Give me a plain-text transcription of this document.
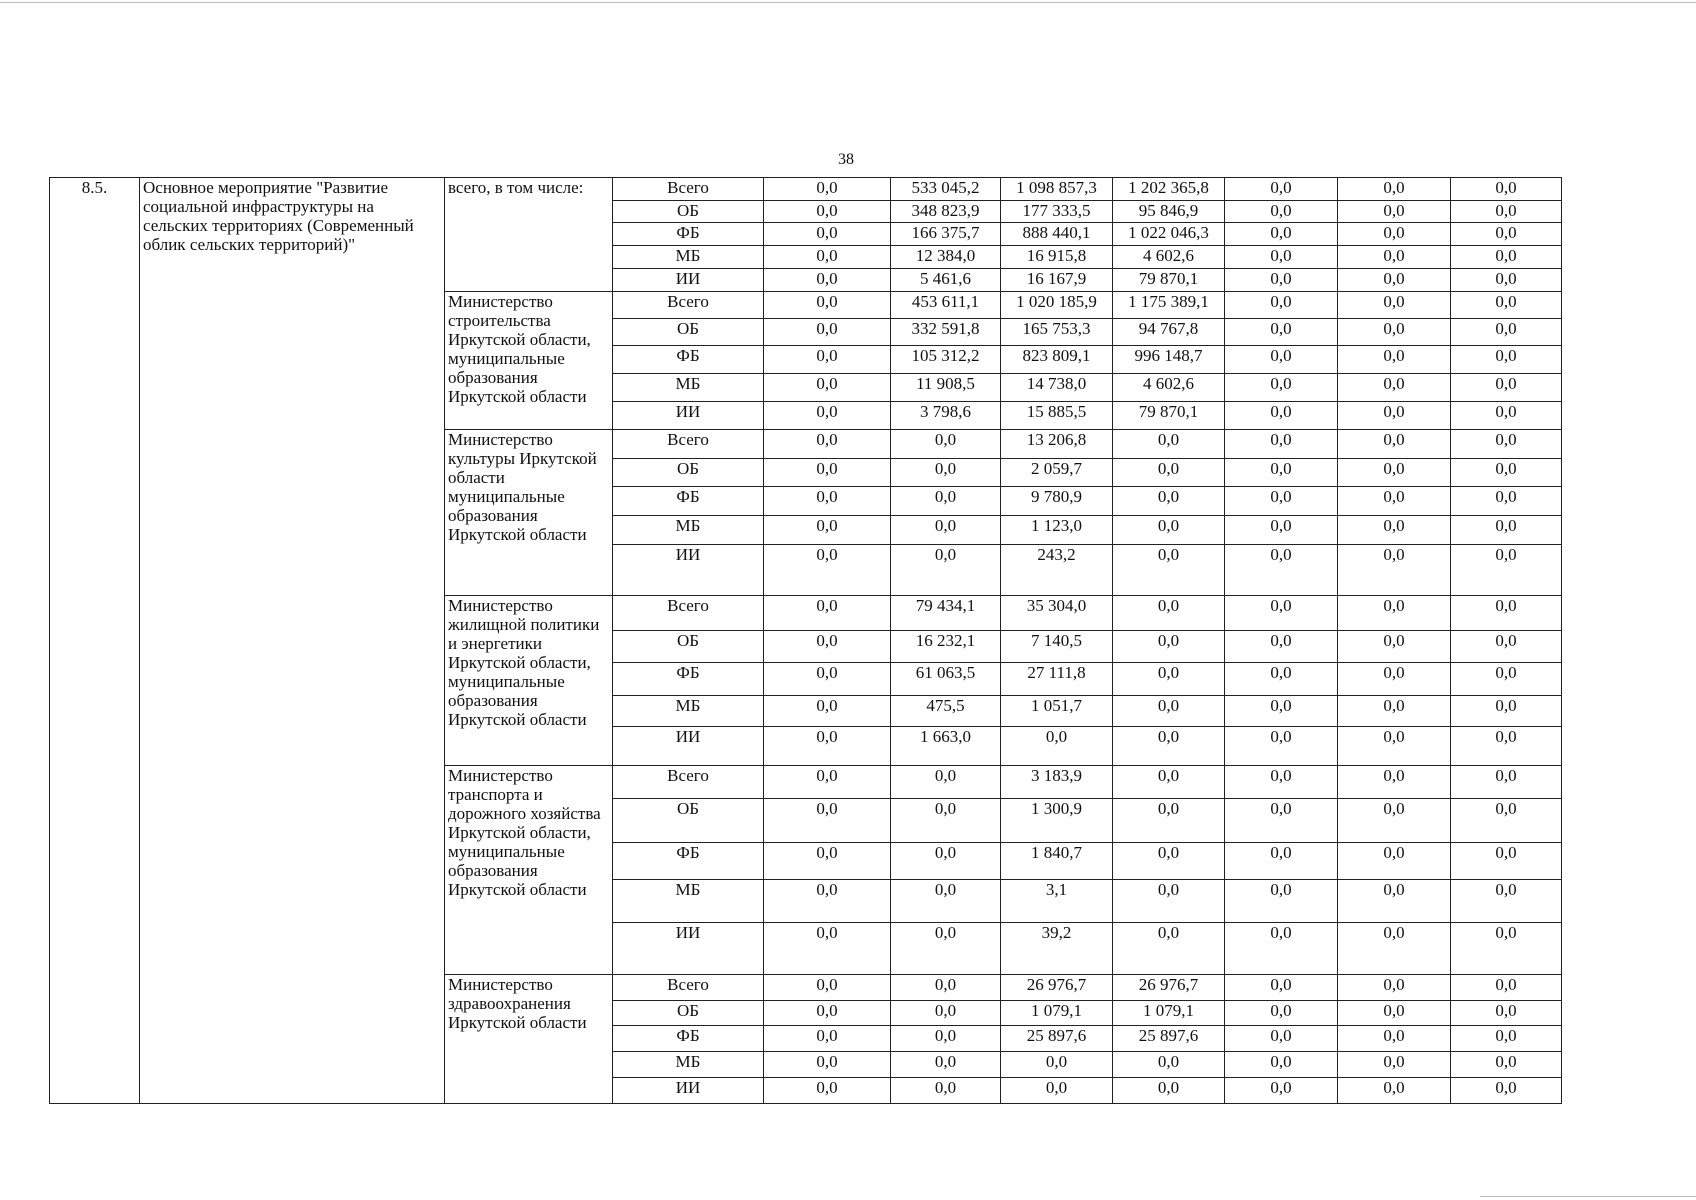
38
8.5.	Основное мероприятие "Развитие социальной инфраструктуры на сельских территориях (Современный облик сельских территорий)"	всего, в том числе:	Всего	0,0	533 045,2	1 098 857,3	1 202 365,8	0,0	0,0	0,0
			ОБ	0,0	348 823,9	177 333,5	95 846,9	0,0	0,0	0,0
			ФБ	0,0	166 375,7	888 440,1	1 022 046,3	0,0	0,0	0,0
			МБ	0,0	12 384,0	16 915,8	4 602,6	0,0	0,0	0,0
			ИИ	0,0	5 461,6	16 167,9	79 870,1	0,0	0,0	0,0
		Министерство строительства Иркутской области, муниципальные образования Иркутской области	Всего	0,0	453 611,1	1 020 185,9	1 175 389,1	0,0	0,0	0,0
			ОБ	0,0	332 591,8	165 753,3	94 767,8	0,0	0,0	0,0
			ФБ	0,0	105 312,2	823 809,1	996 148,7	0,0	0,0	0,0
			МБ	0,0	11 908,5	14 738,0	4 602,6	0,0	0,0	0,0
			ИИ	0,0	3 798,6	15 885,5	79 870,1	0,0	0,0	0,0
		Министерство культуры Иркутской области муниципальные образования Иркутской области	Всего	0,0	0,0	13 206,8	0,0	0,0	0,0	0,0
			ОБ	0,0	0,0	2 059,7	0,0	0,0	0,0	0,0
			ФБ	0,0	0,0	9 780,9	0,0	0,0	0,0	0,0
			МБ	0,0	0,0	1 123,0	0,0	0,0	0,0	0,0
			ИИ	0,0	0,0	243,2	0,0	0,0	0,0	0,0
		Министерство жилищной политики и энергетики Иркутской области, муниципальные образования Иркутской области	Всего	0,0	79 434,1	35 304,0	0,0	0,0	0,0	0,0
			ОБ	0,0	16 232,1	7 140,5	0,0	0,0	0,0	0,0
			ФБ	0,0	61 063,5	27 111,8	0,0	0,0	0,0	0,0
			МБ	0,0	475,5	1 051,7	0,0	0,0	0,0	0,0
			ИИ	0,0	1 663,0	0,0	0,0	0,0	0,0	0,0
		Министерство транспорта и дорожного хозяйства Иркутской области, муниципальные образования Иркутской области	Всего	0,0	0,0	3 183,9	0,0	0,0	0,0	0,0
			ОБ	0,0	0,0	1 300,9	0,0	0,0	0,0	0,0
			ФБ	0,0	0,0	1 840,7	0,0	0,0	0,0	0,0
			МБ	0,0	0,0	3,1	0,0	0,0	0,0	0,0
			ИИ	0,0	0,0	39,2	0,0	0,0	0,0	0,0
		Министерство здравоохранения Иркутской области	Всего	0,0	0,0	26 976,7	26 976,7	0,0	0,0	0,0
			ОБ	0,0	0,0	1 079,1	1 079,1	0,0	0,0	0,0
			ФБ	0,0	0,0	25 897,6	25 897,6	0,0	0,0	0,0
			МБ	0,0	0,0	0,0	0,0	0,0	0,0	0,0
			ИИ	0,0	0,0	0,0	0,0	0,0	0,0	0,0
